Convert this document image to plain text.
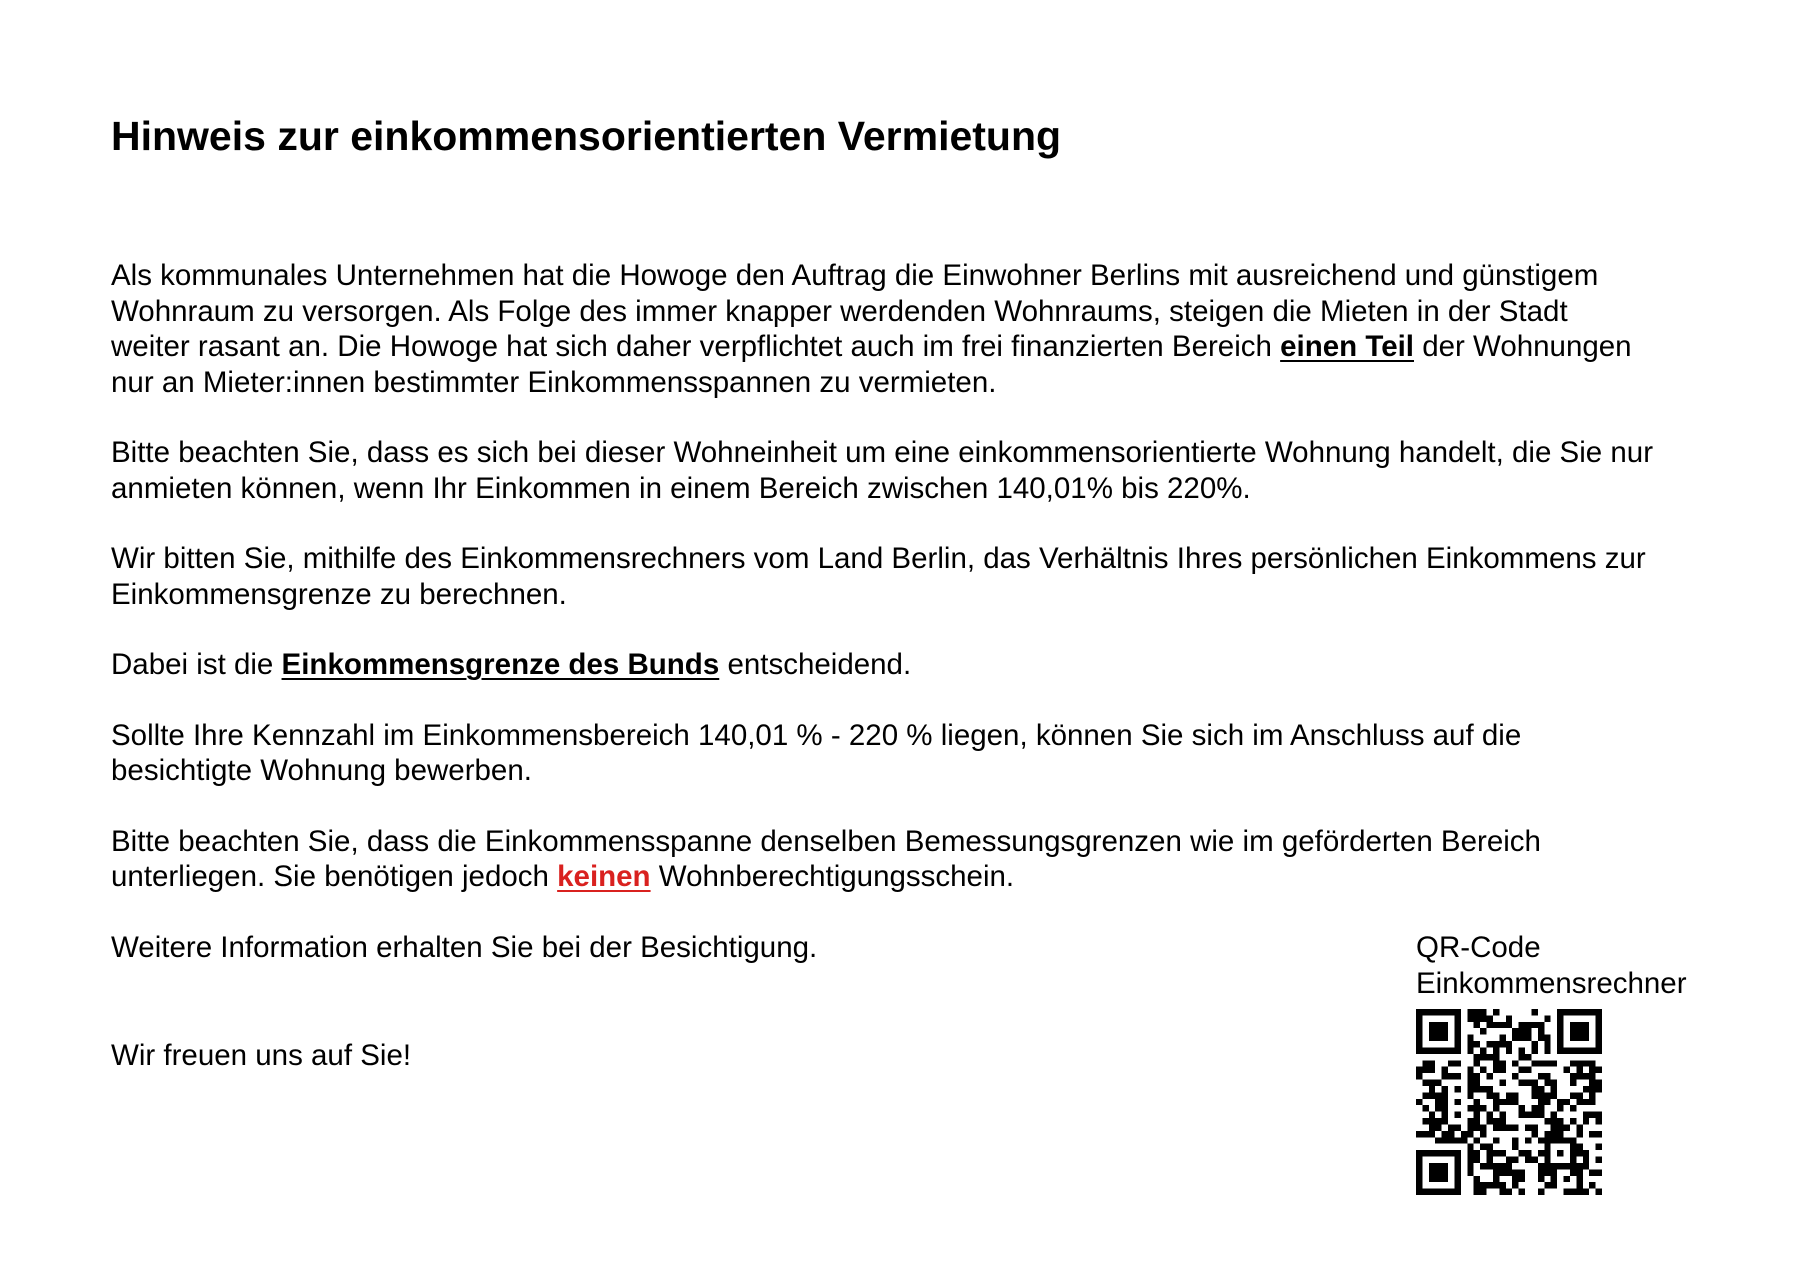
Hinweis zur einkommensorientierten Vermietung

Als kommunales Unternehmen hat die Howoge den Auftrag die Einwohner Berlins mit ausreichend und günstigem
Wohnraum zu versorgen. Als Folge des immer knapper werdenden Wohnraums, steigen die Mieten in der Stadt
weiter rasant an. Die Howoge hat sich daher verpflichtet auch im frei finanzierten Bereich einen Teil der Wohnungen
nur an Mieter:innen bestimmter Einkommensspannen zu vermieten.

Bitte beachten Sie, dass es sich bei dieser Wohneinheit um eine einkommensorientierte Wohnung handelt, die Sie nur
anmieten können, wenn Ihr Einkommen in einem Bereich zwischen 140,01% bis 220%.

Wir bitten Sie, mithilfe des Einkommensrechners vom Land Berlin, das Verhältnis Ihres persönlichen Einkommens zur
Einkommensgrenze zu berechnen.

Dabei ist die Einkommensgrenze des Bunds entscheidend.

Sollte Ihre Kennzahl im Einkommensbereich 140,01 % - 220 % liegen, können Sie sich im Anschluss auf die
besichtigte Wohnung bewerben.

Bitte beachten Sie, dass die Einkommensspanne denselben Bemessungsgrenzen wie im geförderten Bereich
unterliegen. Sie benötigen jedoch keinen Wohnberechtigungsschein.

Weitere Information erhalten Sie bei der Besichtigung.

Wir freuen uns auf Sie!

QR-Code
Einkommensrechner
